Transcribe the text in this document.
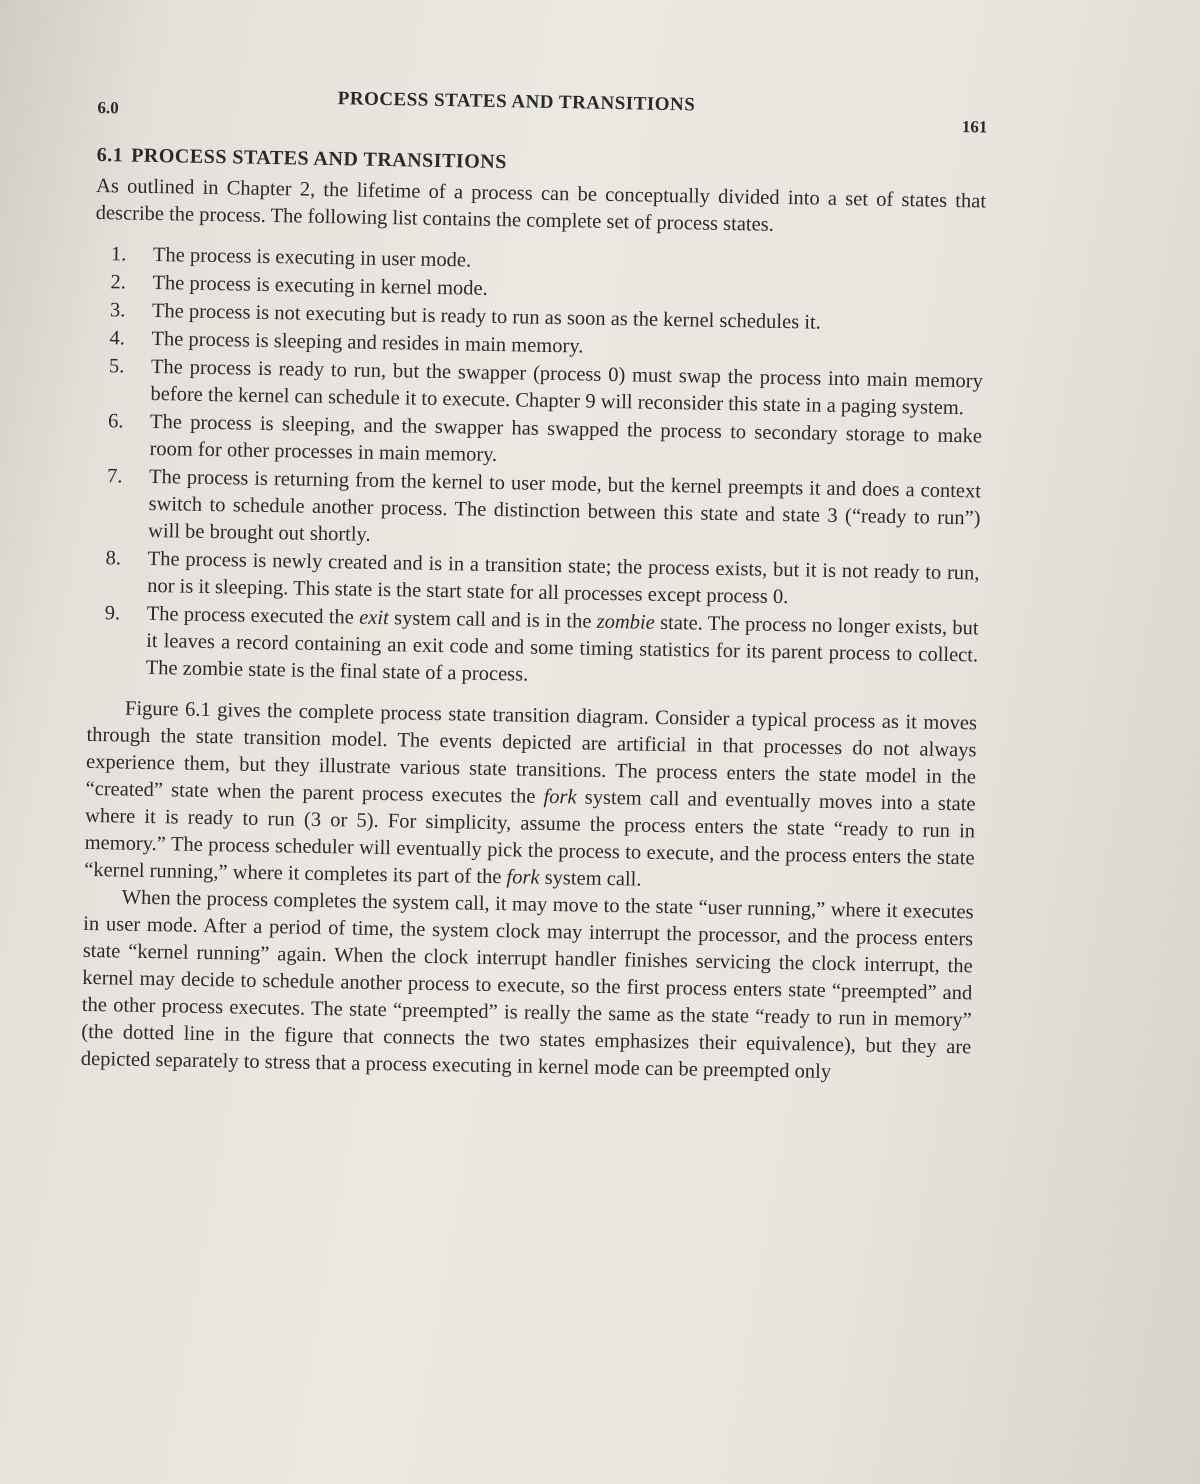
6.0	PROCESS STATES AND TRANSITIONS
161
6.1 PROCESS STATES AND TRANSITIONS

As outlined in Chapter 2, the lifetime of a process can be conceptually divided into a set of states that describe the process. The following list contains the complete set of process states.

1. The process is executing in user mode.
2. The process is executing in kernel mode.
3. The process is not executing but is ready to run as soon as the kernel schedules it.
4. The process is sleeping and resides in main memory.
5. The process is ready to run, but the swapper (process 0) must swap the process into main memory before the kernel can schedule it to execute. Chapter 9 will reconsider this state in a paging system.
6. The process is sleeping, and the swapper has swapped the process to secondary storage to make room for other processes in main memory.
7. The process is returning from the kernel to user mode, but the kernel preempts it and does a context switch to schedule another process. The distinction between this state and state 3 (“ready to run”) will be brought out shortly.
8. The process is newly created and is in a transition state; the process exists, but it is not ready to run, nor is it sleeping. This state is the start state for all processes except process 0.
9. The process executed the exit system call and is in the zombie state. The process no longer exists, but it leaves a record containing an exit code and some timing statistics for its parent process to collect. The zombie state is the final state of a process.

Figure 6.1 gives the complete process state transition diagram. Consider a typical process as it moves through the state transition model. The events depicted are artificial in that processes do not always experience them, but they illustrate various state transitions. The process enters the state model in the “created” state when the parent process executes the fork system call and eventually moves into a state where it is ready to run (3 or 5). For simplicity, assume the process enters the state “ready to run in memory.” The process scheduler will eventually pick the process to execute, and the process enters the state “kernel running,” where it completes its part of the fork system call.

When the process completes the system call, it may move to the state “user running,” where it executes in user mode. After a period of time, the system clock may interrupt the processor, and the process enters state “kernel running” again. When the clock interrupt handler finishes servicing the clock interrupt, the kernel may decide to schedule another process to execute, so the first process enters state “preempted” and the other process executes. The state “preempted” is really the same as the state “ready to run in memory” (the dotted line in the figure that connects the two states emphasizes their equivalence), but they are depicted separately to stress that a process executing in kernel mode can be preempted only
